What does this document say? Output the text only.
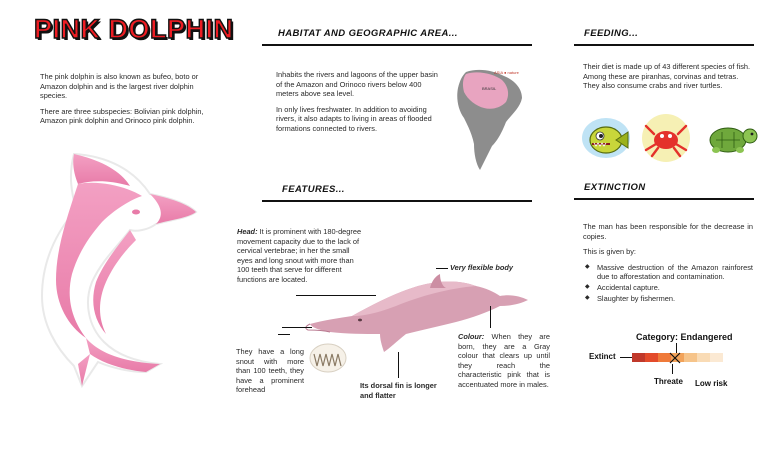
PINK DOLPHIN

The pink dolphin is also known as bufeo, boto or Amazon dolphin and is the largest river dolphin species.

There are three subspecies: Bolivian pink dolphin, Amazon pink dolphin and Orinoco pink dolphin.

HABITAT AND GEOGRAPHIC AREA...

Inhabits the rivers and lagoons of the upper basin of the Amazon and Orinoco rivers below 400 meters above sea level.

In only lives freshwater. In addition to avoiding rivers, it also adapts to living in areas of flooded formations connected to rivers.

ASIA ● nature
BRASIL
FEATURES...
Head: It is prominent with 180-degree movement capacity due to the lack of cervical vertebrae; in her the small eyes and long snout with more than 100 teeth that serve for different functions are located.
Very flexible body
They have a long snout with more than 100 teeth, they have a prominent forehead	Its dorsal fin is longer and flatter
Colour: When they are born, they are a Gray colour that clears up until they reach the characteristic pink that is accentuated more in males.
FEEDING...
Their diet is made up of 43 different species of fish. Among these are piranhas, corvinas and tetras. They also consume crabs and river turtles.
EXTINCTION

The man has been responsible for the decrease in copies.

This is given by:

◆ Massive destruction of the Amazon rainforest due to afforestation and contamination.
◆ Accidental capture.
◆ Slaughter by fishermen.
Category: Endangered
Extinct
Threate Low risk
